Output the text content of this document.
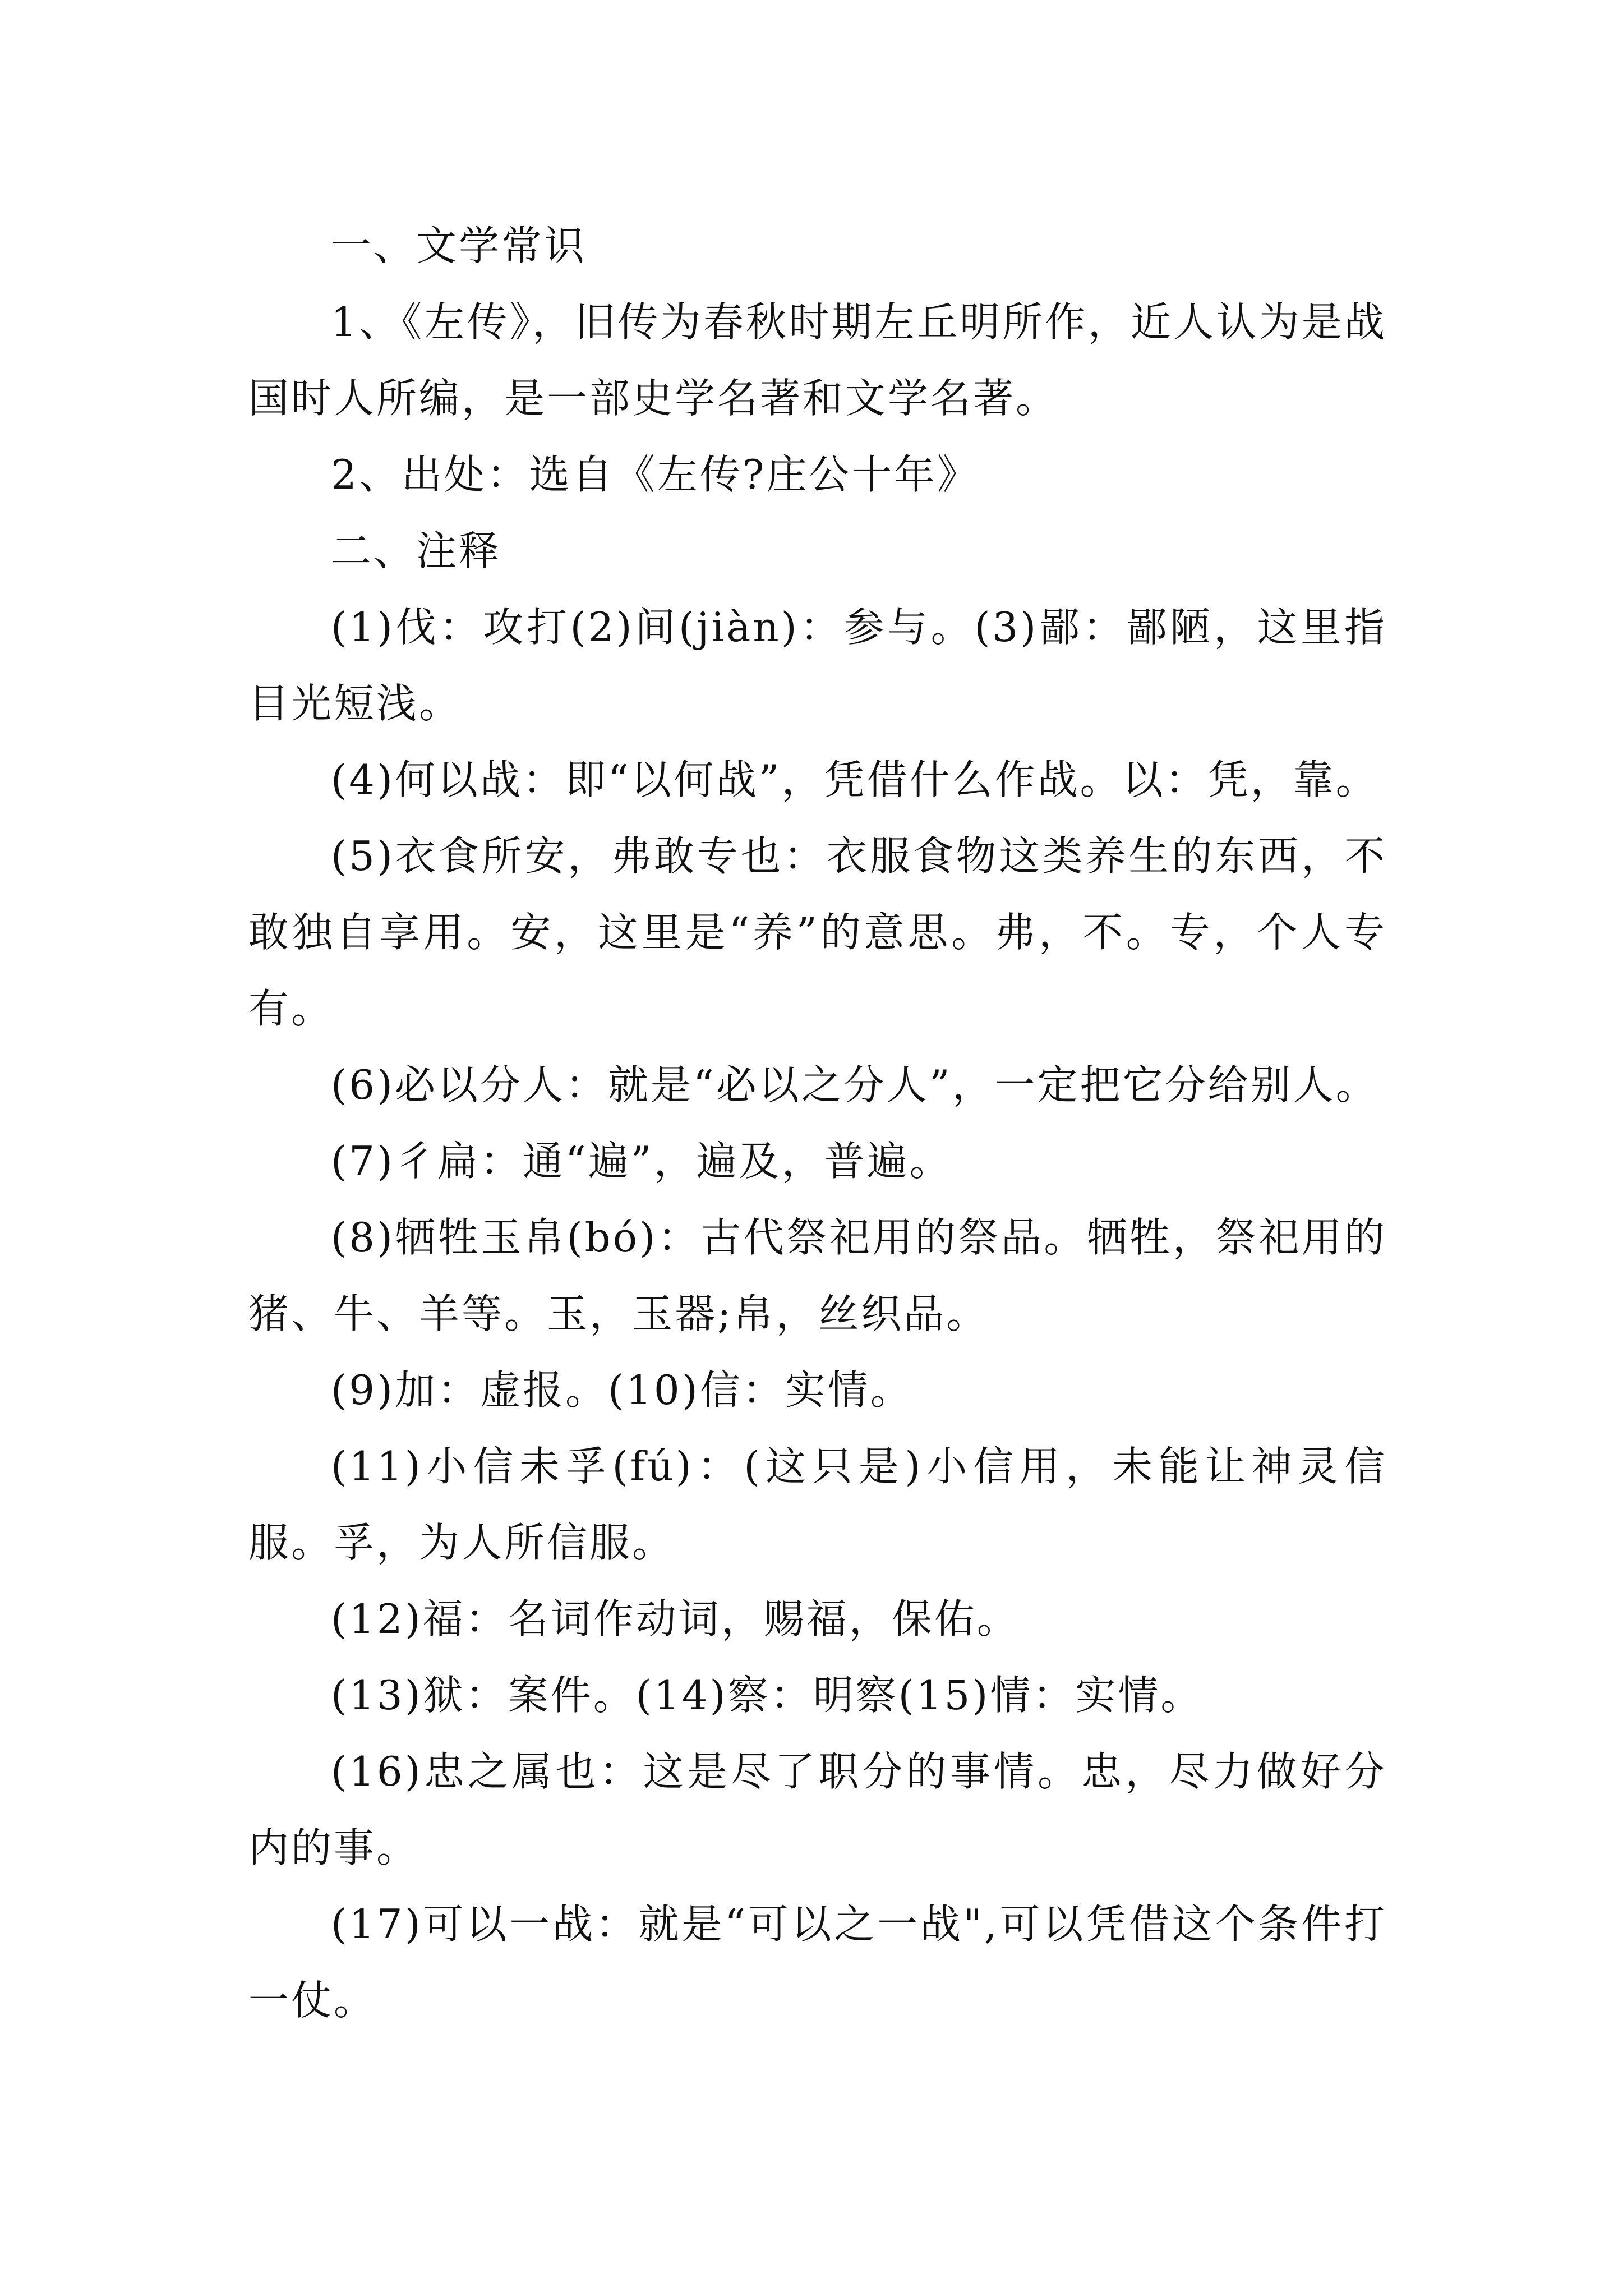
一、文学常识

1、《左传》，旧传为春秋时期左丘明所作，近人认为是战国时人所编，是一部史学名著和文学名著。

2、出处：选自《左传?庄公十年》

二、注释

(1)伐：攻打(2)间(jiàn)：参与。(3)鄙：鄙陋，这里指目光短浅。

(4)何以战：即“以何战”，凭借什么作战。以：凭，靠。

(5)衣食所安，弗敢专也：衣服食物这类养生的东西，不敢独自享用。安，这里是“养”的意思。弗，不。专，个人专有。

(6)必以分人：就是“必以之分人”，一定把它分给别人。

(7)彳扁：通“遍”，遍及，普遍。

(8)牺牲玉帛(bó)：古代祭祀用的祭品。牺牲，祭祀用的猪、牛、羊等。玉，玉器;帛，丝织品。

(9)加：虚报。(10)信：实情。

(11)小信未孚(fú)：(这只是)小信用，未能让神灵信服。孚，为人所信服。

(12)福：名词作动词，赐福，保佑。

(13)狱：案件。(14)察：明察(15)情：实情。

(16)忠之属也：这是尽了职分的事情。忠，尽力做好分内的事。

(17)可以一战：就是“可以之一战",可以凭借这个条件打一仗。
